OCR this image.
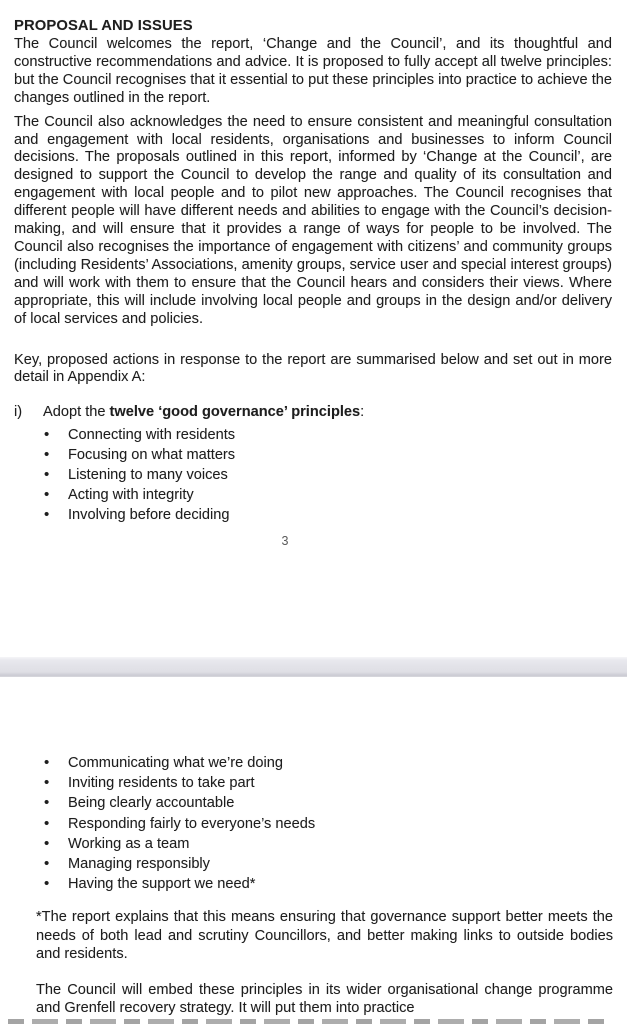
PROPOSAL AND ISSUES

The Council welcomes the report, ‘Change and the Council’, and its thoughtful and constructive recommendations and advice. It is proposed to fully accept all twelve principles: but the Council recognises that it essential to put these principles into practice to achieve the changes outlined in the report.

The Council also acknowledges the need to ensure consistent and meaningful consultation and engagement with local residents, organisations and businesses to inform Council decisions. The proposals outlined in this report, informed by ‘Change at the Council’, are designed to support the Council to develop the range and quality of its consultation and engagement with local people and to pilot new approaches. The Council recognises that different people will have different needs and abilities to engage with the Council’s decision-making, and will ensure that it provides a range of ways for people to be involved. The Council also recognises the importance of engagement with citizens’ and community groups (including Residents’ Associations, amenity groups, service user and special interest groups) and will work with them to ensure that the Council hears and considers their views. Where appropriate, this will include involving local people and groups in the design and/or delivery of local services and policies.

Key, proposed actions in response to the report are summarised below and set out in more detail in Appendix A:

i)	Adopt the twelve ‘good governance’ principles:
• Connecting with residents
• Focusing on what matters
• Listening to many voices
• Acting with integrity
• Involving before deciding
3
• Communicating what we’re doing
• Inviting residents to take part
• Being clearly accountable
• Responding fairly to everyone’s needs
• Working as a team
• Managing responsibly
• Having the support we need*

*The report explains that this means ensuring that governance support better meets the needs of both lead and scrutiny Councillors, and better making links to outside bodies and residents.

The Council will embed these principles in its wider organisational change programme and Grenfell recovery strategy. It will put them into practice
